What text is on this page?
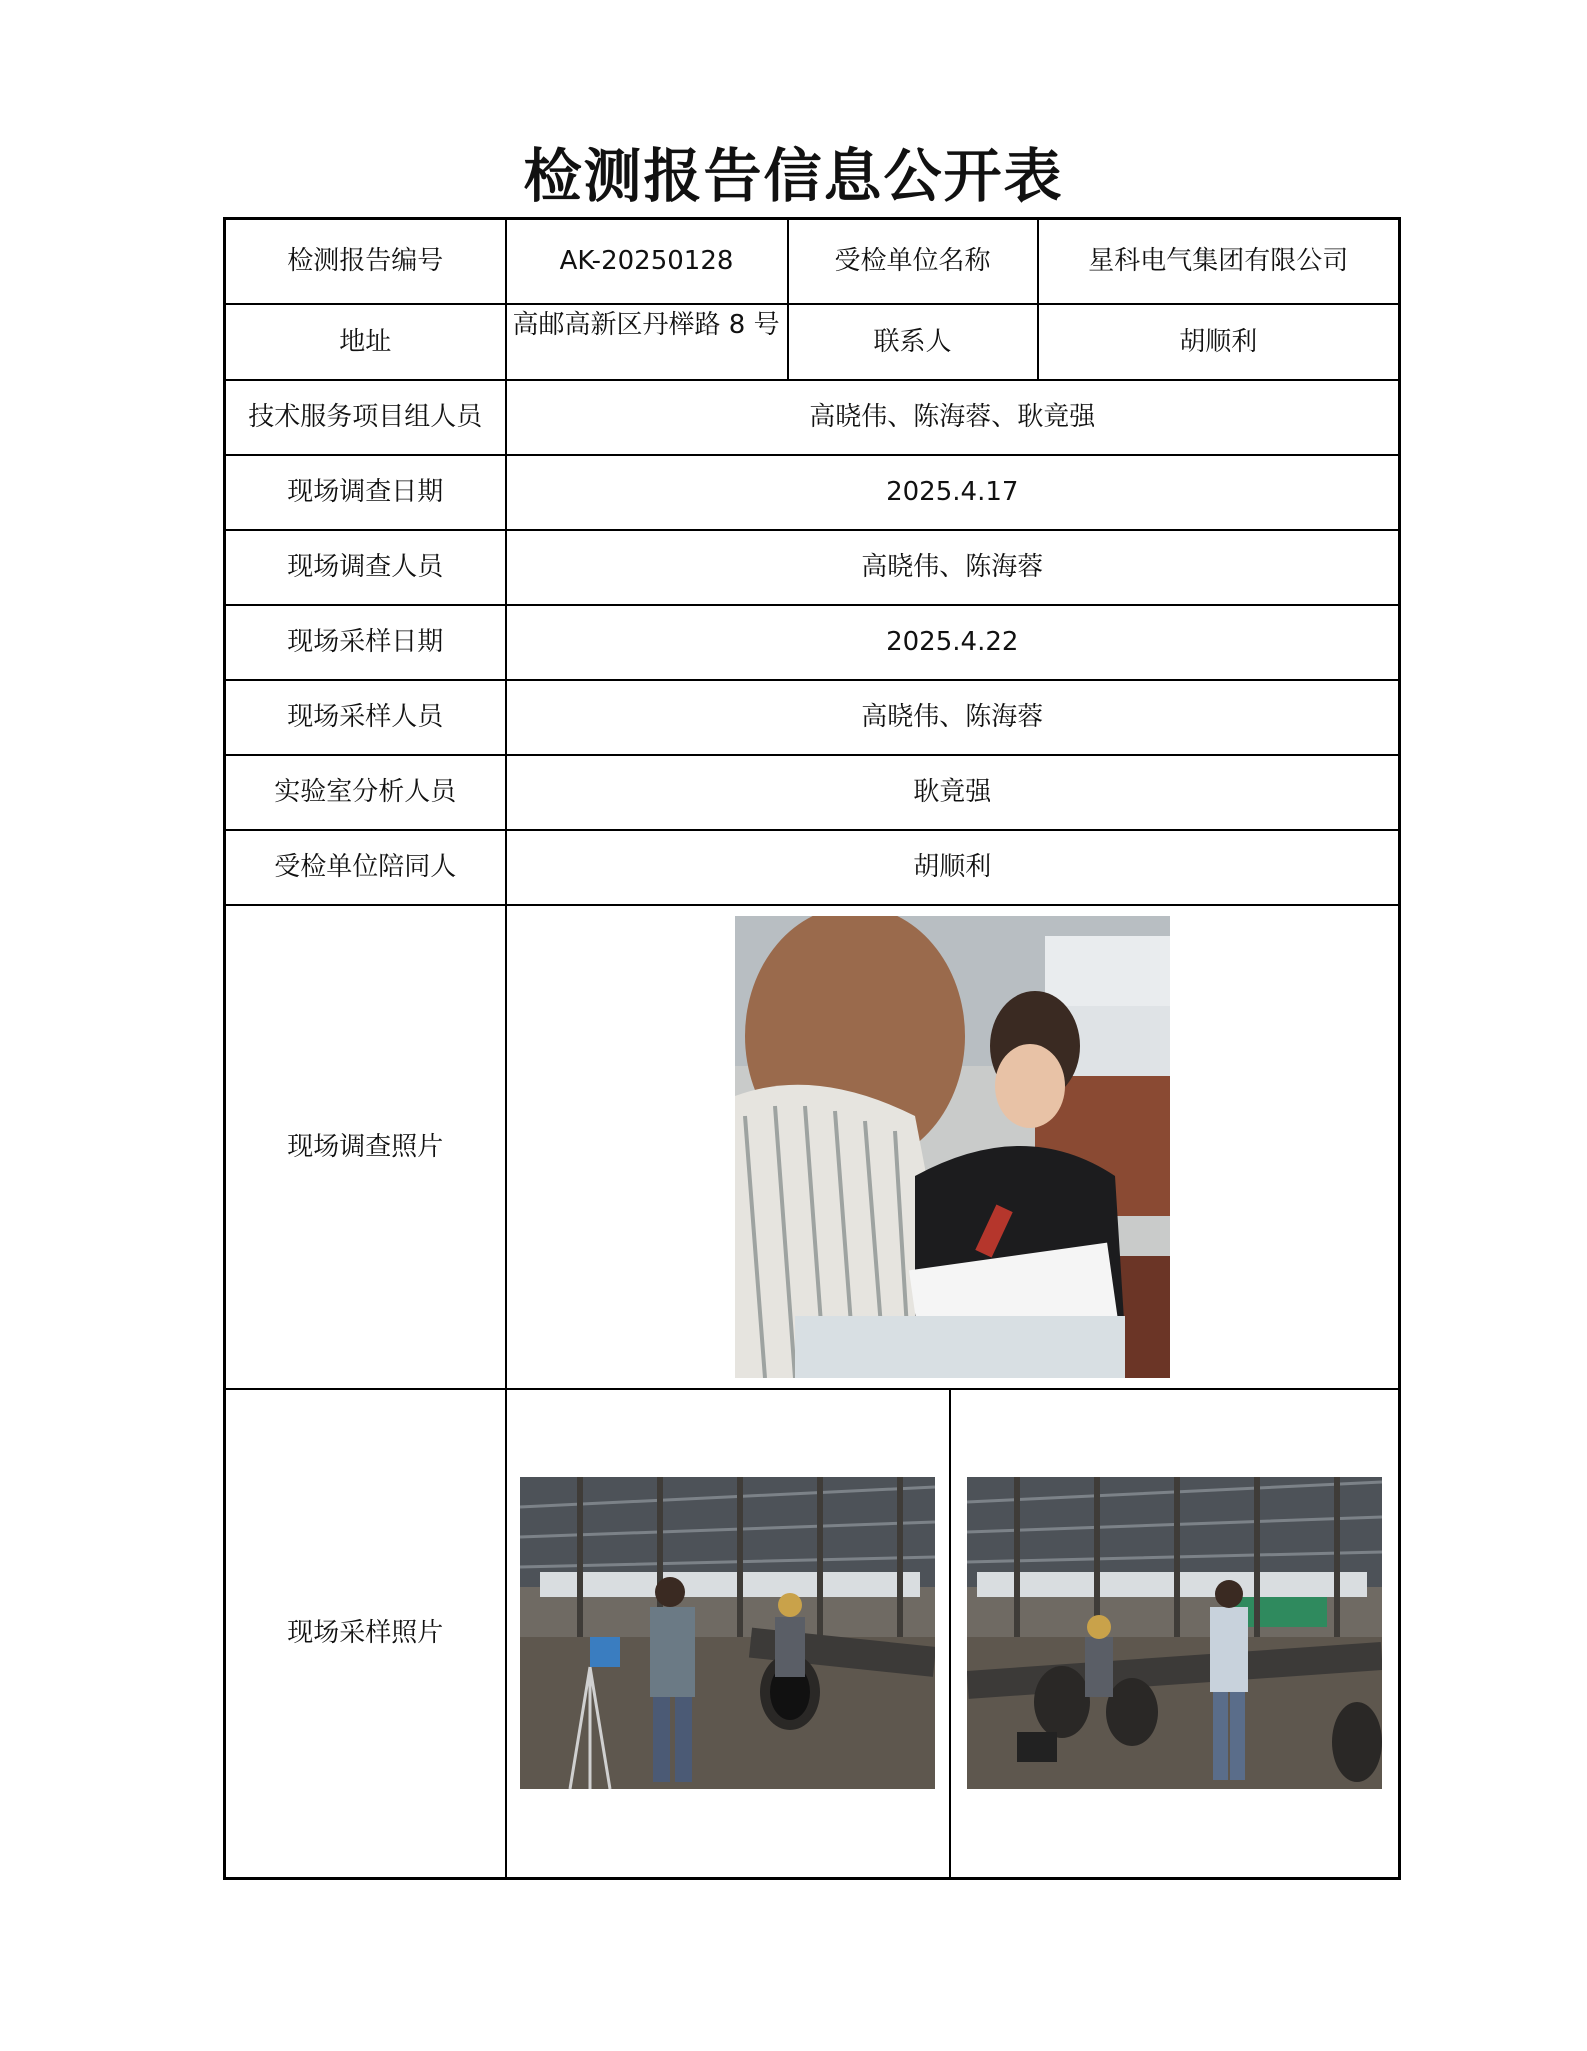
检测报告信息公开表
检测报告编号	AK-20250128	受检单位名称		星科电气集团有限公司
地址	高邮高新区丹榉路 8 号	联系人		胡顺利
技术服务项目组人员	高晓伟、陈海蓉、耿竟强			
现场调查日期	2025.4.17			
现场调查人员	高晓伟、陈海蓉			
现场采样日期	2025.4.22			
现场采样人员	高晓伟、陈海蓉			
实验室分析人员	耿竟强			
受检单位陪同人	胡顺利			
现场调查照片	

现场采样照片	
